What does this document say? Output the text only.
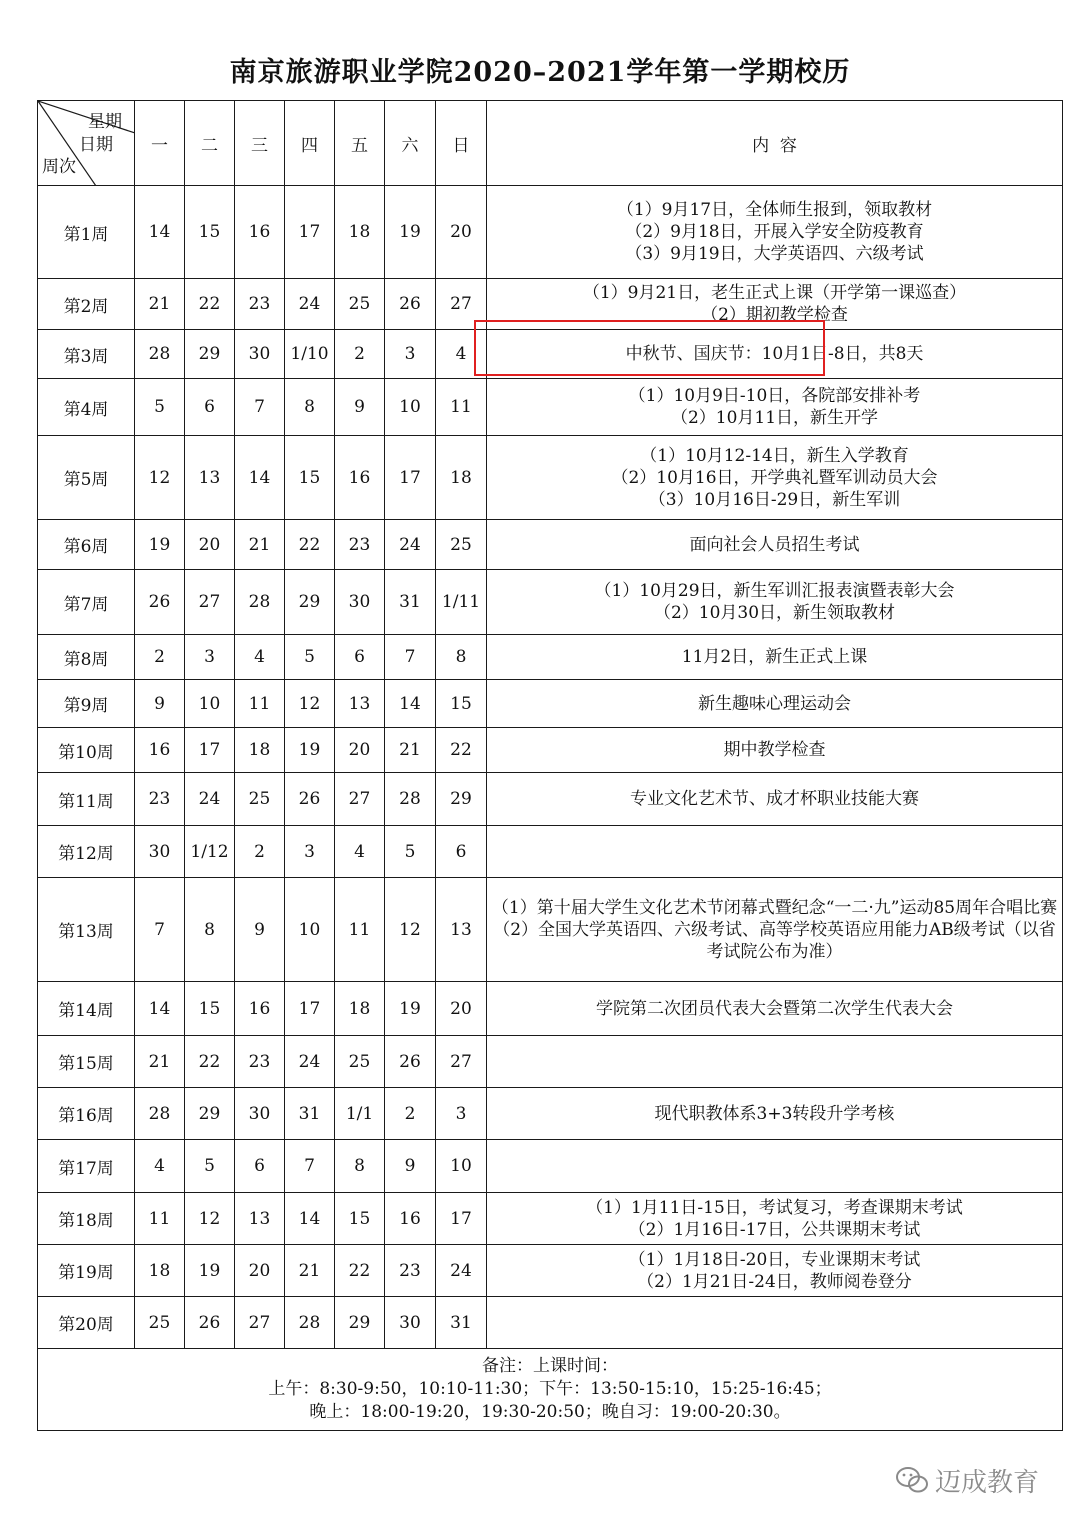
南京旅游职业学院2020–2021学年第一学期校历
星期
日期
周次	一	二	三	四	五	六	日	内  容
第1周	14	15	16	17	18	19	20	（1）9月17日，全体师生报到，领取教材
（2）9月18日，开展入学安全防疫教育
（3）9月19日，大学英语四、六级考试

第2周	21	22	23	24	25	26	27	（1）9月21日，老生正式上课（开学第一课巡查）
（2）期初教学检查

第3周	28	29	30	1/10	2	3	4	中秋节、国庆节：10月1日-8日，共8天

第4周	5	6	7	8	9	10	11	（1）10月9日-10日，各院部安排补考
（2）10月11日，新生开学

第5周	12	13	14	15	16	17	18	（1）10月12-14日，新生入学教育
（2）10月16日，开学典礼暨军训动员大会
（3）10月16日-29日，新生军训

第6周	19	20	21	22	23	24	25	面向社会人员招生考试

第7周	26	27	28	29	30	31	1/11	（1）10月29日，新生军训汇报表演暨表彰大会
（2）10月30日，新生领取教材

第8周	2	3	4	5	6	7	8	11月2日，新生正式上课

第9周	9	10	11	12	13	14	15	新生趣味心理运动会

第10周	16	17	18	19	20	21	22	期中教学检查

第11周	23	24	25	26	27	28	29	专业文化艺术节、成才杯职业技能大赛

第12周	30	1/12	2	3	4	5	6	
第13周	7	8	9	10	11	12	13	（1）第十届大学生文化艺术节闭幕式暨纪念“一二·九”运动85周年合唱比赛
（2）全国大学英语四、六级考试、高等学校英语应用能力AB级考试（以省考试院公布为准）

第14周	14	15	16	17	18	19	20	学院第二次团员代表大会暨第二次学生代表大会

第15周	21	22	23	24	25	26	27	
第16周	28	29	30	31	1/1	2	3	现代职教体系3+3转段升学考核

第17周	4	5	6	7	8	9	10	
第18周	11	12	13	14	15	16	17	（1）1月11日-15日，考试复习，考查课期末考试
（2）1月16日-17日，公共课期末考试

第19周	18	19	20	21	22	23	24	（1）1月18日-20日，专业课期末考试
（2）1月21日-24日，教师阅卷登分

第20周	25	26	27	28	29	30	31	

备注：上课时间：
上午：8:30-9:50，10:10-11:30；下午：13:50-15:10，15:25-16:45；
晚上：18:00-19:20，19:30-20:50；晚自习：19:00-20:30。								
迈成教育
